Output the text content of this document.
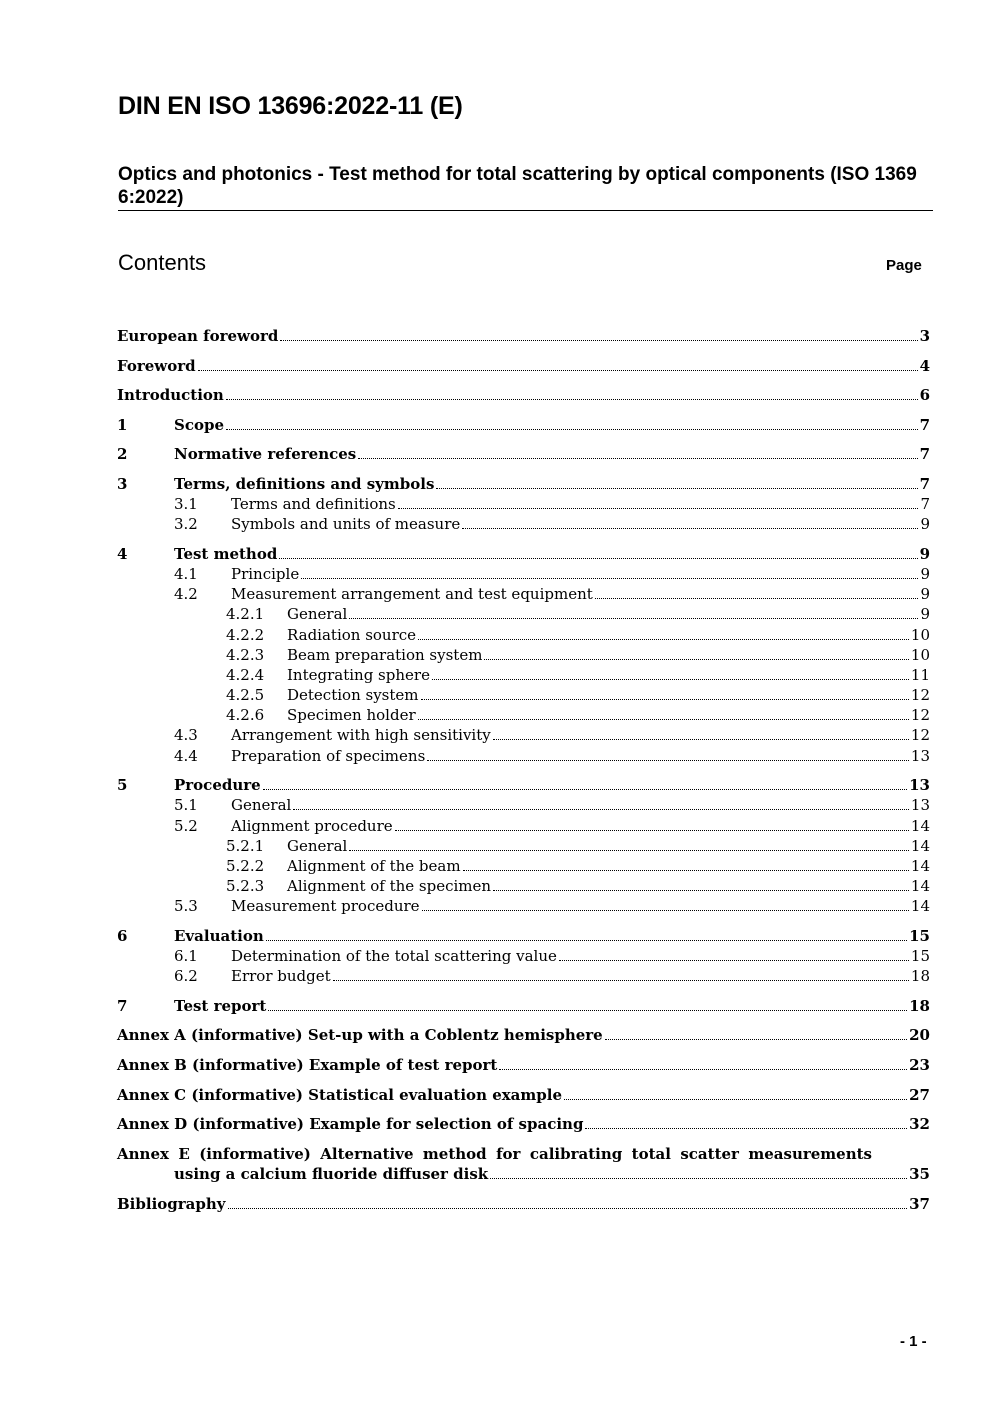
DIN EN ISO 13696:2022-11 (E)
Optics and photonics - Test method for total scattering by optical components (ISO 1369 6:2022)
Contents	Page
European foreword	3
Foreword	4
Introduction	6
1	Scope	7
2	Normative references	7
3	Terms, definitions and symbols	7
3.1	Terms and definitions	7
3.2	Symbols and units of measure	9
4	Test method	9
4.1	Principle	9
4.2	Measurement arrangement and test equipment	9
4.2.1	General	9
4.2.2	Radiation source	10
4.2.3	Beam preparation system	10
4.2.4	Integrating sphere	11
4.2.5	Detection system	12
4.2.6	Specimen holder	12
4.3	Arrangement with high sensitivity	12
4.4	Preparation of specimens	13
5	Procedure	13
5.1	General	13
5.2	Alignment procedure	14
5.2.1	General	14
5.2.2	Alignment of the beam	14
5.2.3	Alignment of the specimen	14
5.3	Measurement procedure	14
6	Evaluation	15
6.1	Determination of the total scattering value	15
6.2	Error budget	18
7	Test report	18
Annex A (informative) Set-up with a Coblentz hemisphere	20
Annex B (informative) Example of test report	23
Annex C (informative) Statistical evaluation example	27
Annex D (informative) Example for selection of spacing	32
Annex E (informative) Alternative method for calibrating total scatter measurements
using a calcium fluoride diffuser disk	35
Bibliography	37
- 1 -
